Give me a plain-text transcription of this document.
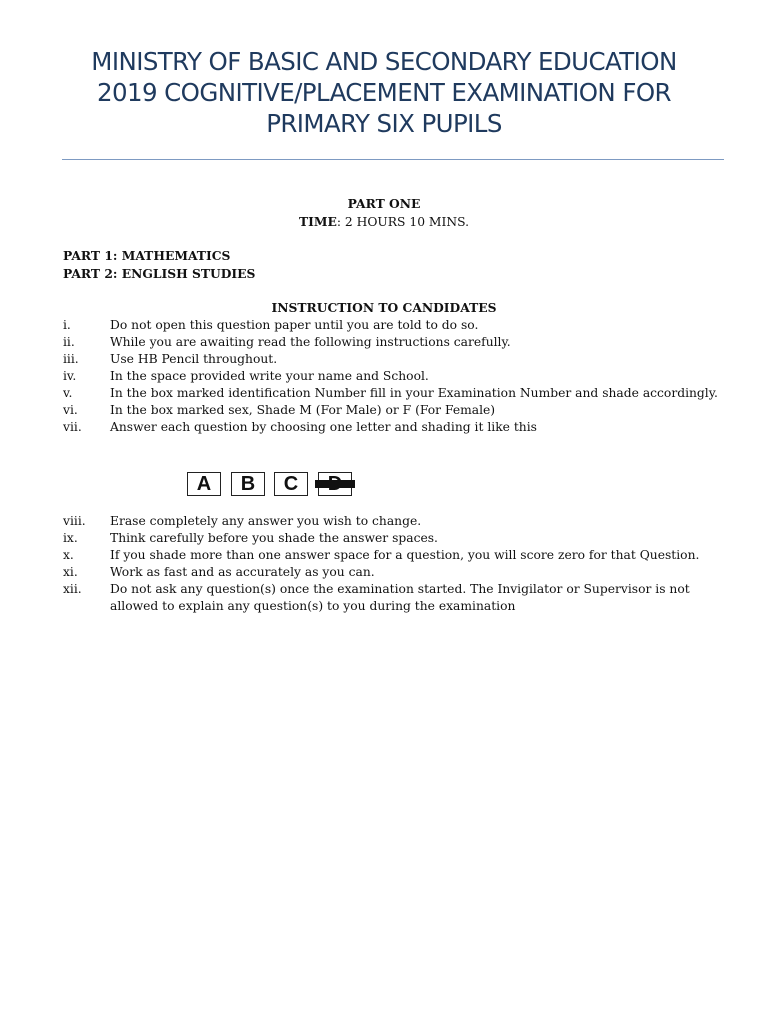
MINISTRY OF BASIC AND SECONDARY EDUCATION
2019 COGNITIVE/PLACEMENT EXAMINATION FOR
PRIMARY SIX PUPILS
PART ONE
TIME: 2 HOURS 10 MINS.
PART 1: MATHEMATICS
PART 2: ENGLISH STUDIES
INSTRUCTION TO CANDIDATES
i.	Do not open this question paper until you are told to do so.
ii.	While you are awaiting read the following instructions carefully.
iii.	Use HB Pencil throughout.
iv.	In the space provided write your name and School.
v.	In the box marked identification Number fill in your Examination Number and shade accordingly.
vi.	In the box marked sex, Shade M (For Male) or F (For Female)
vii. Answer each question by choosing one letter and shading it like this
A	B	C
viii. Erase completely any answer you wish to change.
ix.	Think carefully before you shade the answer spaces.
x.	If you shade more than one answer space for a question, you will score zero for that Question.
xi.	Work as fast and as accurately as you can.
xii. Do not ask any question(s) once the examination started. The Invigilator or Supervisor is not allowed to explain any question(s) to you during the examination
